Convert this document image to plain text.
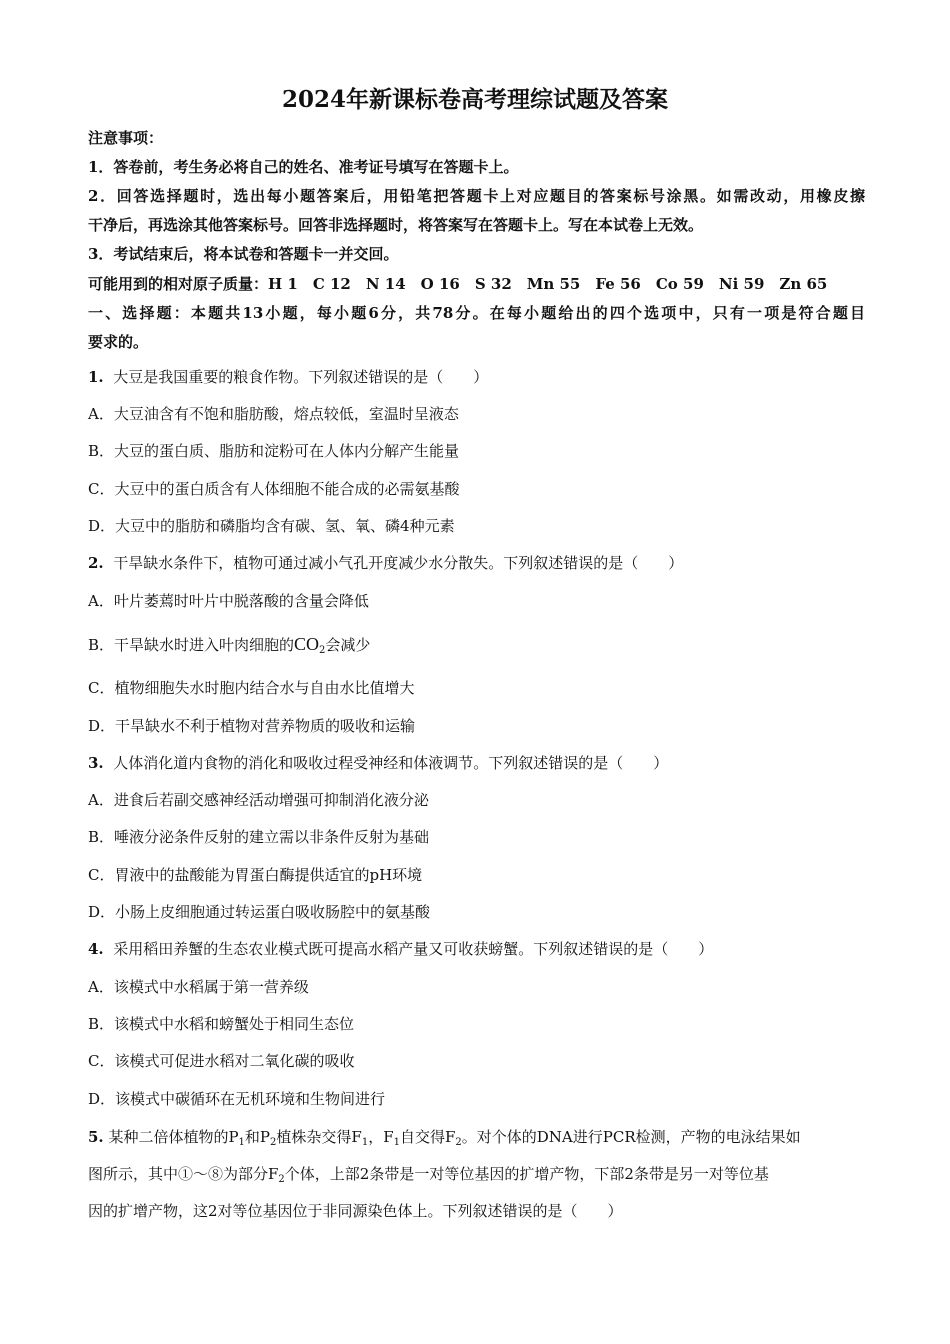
2024年新课标卷高考理综试题及答案
注意事项：
1．答卷前，考生务必将自己的姓名、准考证号填写在答题卡上。
2．回答选择题时，选出每小题答案后，用铅笔把答题卡上对应题目的答案标号涂黑。如需改动，用橡皮擦
干净后，再选涂其他答案标号。回答非选择题时，将答案写在答题卡上。写在本试卷上无效。
3．考试结束后，将本试卷和答题卡一并交回。
可能用到的相对原子质量：H 1　C 12　N 14　O 16　S 32　Mn 55　Fe 56　Co 59　Ni 59　Zn 65
一、选择题：本题共13小题，每小题6分，共78分。在每小题给出的四个选项中，只有一项是符合题目
要求的。
1. 大豆是我国重要的粮食作物。下列叙述错误的是（　　）
A．大豆油含有不饱和脂肪酸，熔点较低，室温时呈液态
B．大豆的蛋白质、脂肪和淀粉可在人体内分解产生能量
C．大豆中的蛋白质含有人体细胞不能合成的必需氨基酸
D．大豆中的脂肪和磷脂均含有碳、氢、氧、磷4种元素
2. 干旱缺水条件下，植物可通过减小气孔开度减少水分散失。下列叙述错误的是（　　）
A．叶片萎蔫时叶片中脱落酸的含量会降低
B．干旱缺水时进入叶肉细胞的$CO_2$会减少
C．植物细胞失水时胞内结合水与自由水比值增大
D．干旱缺水不利于植物对营养物质的吸收和运输
3. 人体消化道内食物的消化和吸收过程受神经和体液调节。下列叙述错误的是（　　）
A．进食后若副交感神经活动增强可抑制消化液分泌
B．唾液分泌条件反射的建立需以非条件反射为基础
C．胃液中的盐酸能为胃蛋白酶提供适宜的pH环境
D．小肠上皮细胞通过转运蛋白吸收肠腔中的氨基酸
4. 采用稻田养蟹的生态农业模式既可提高水稻产量又可收获螃蟹。下列叙述错误的是（　　）
A．该模式中水稻属于第一营养级
B．该模式中水稻和螃蟹处于相同生态位
C．该模式可促进水稻对二氧化碳的吸收
D．该模式中碳循环在无机环境和生物间进行
5. 某种二倍体植物的$P_1$和$P_2$植株杂交得$F_1$，$F_1$自交得$F_2$。对个体的DNA进行PCR检测，产物的电泳结果如
图所示，其中①～⑧为部分$F_2$个体，上部2条带是一对等位基因的扩增产物，下部2条带是另一对等位基
因的扩增产物，这2对等位基因位于非同源染色体上。下列叙述错误的是（　　）
